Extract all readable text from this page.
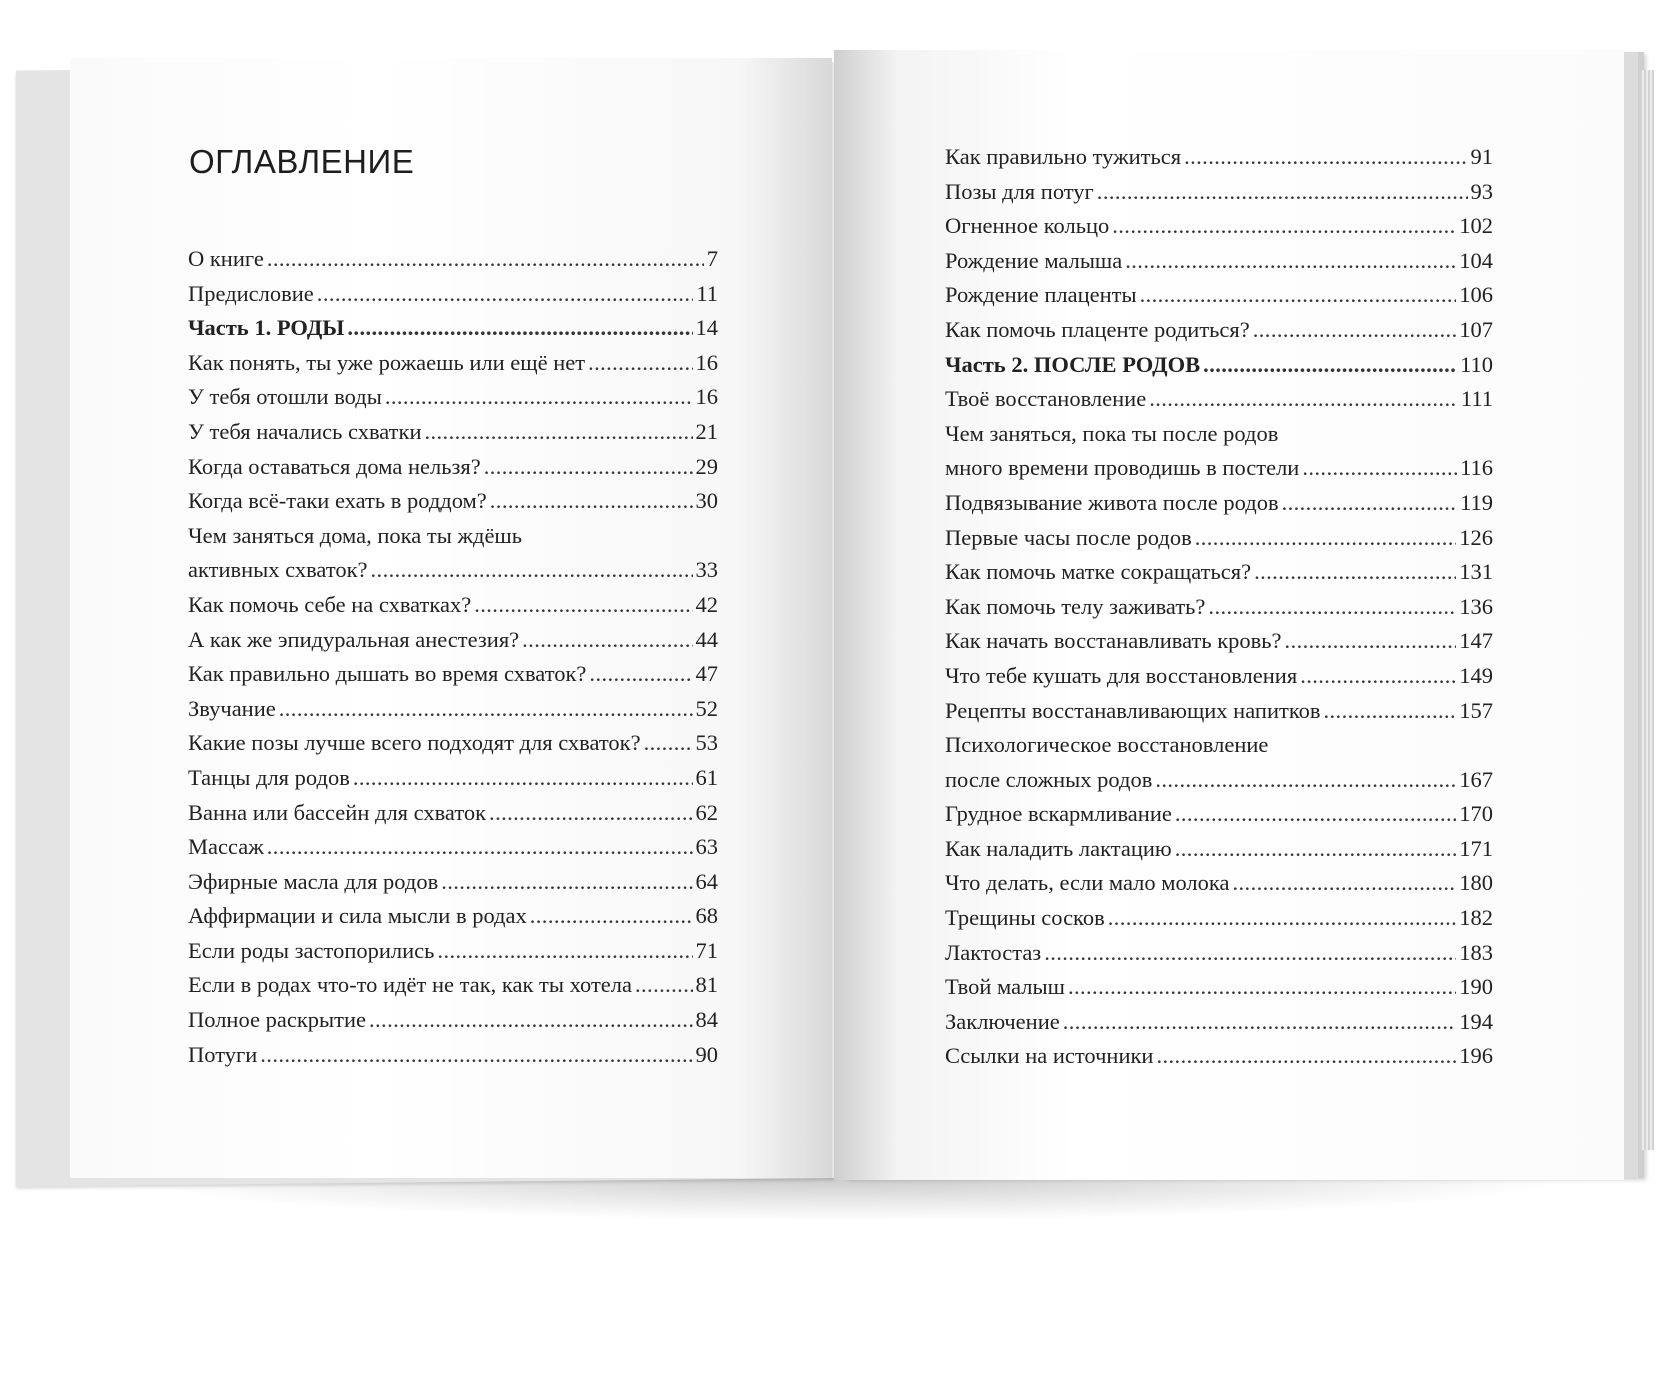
ОГЛАВЛЕНИЕ
О книге .....	7
Предисловие .....	11
Часть 1. РОДЫ .....	14
Как понять, ты уже рожаешь или ещё нет .....	16
У тебя отошли воды .....	16
У тебя начались схватки .....	21
Когда оставаться дома нельзя? .....	29
Когда всё-таки ехать в роддом? .....	30
Чем заняться дома, пока ты ждёшь
активных схваток? .....	33
Как помочь себе на схватках? .....	42
А как же эпидуральная анестезия? .....	44
Как правильно дышать во время схваток? .....	47
Звучание .....	52
Какие позы лучше всего подходят для схваток? ..... 53
Танцы для родов .....	61
Ванна или бассейн для схваток .....	62
Массаж .....	63
Эфирные масла для родов .....	64
Аффирмации и сила мысли в родах .....	68
Если роды застопорились .....	71
Если в родах что-то идёт не так, как ты хотела .....	81
Полное раскрытие .....	84
Потуги .....	90
Как правильно тужиться .....	91
Позы для потуг .....	93
Огненное кольцо .....	102
Рождение малыша .....	104
Рождение плаценты .....	106
Как помочь плаценте родиться? .....	107
Часть 2. ПОСЛЕ РОДОВ .....	110
Твоё восстановление .....	111
Чем заняться, пока ты после родов
много времени проводишь в постели .....	116
Подвязывание живота после родов .....	119
Первые часы после родов .....	126
Как помочь матке сокращаться? .....	131
Как помочь телу заживать? .....	136
Как начать восстанавливать кровь? .....	147
Что тебе кушать для восстановления .....	149
Рецепты восстанавливающих напитков .....	157
Психологическое восстановление
после сложных родов .....	167
Грудное вскармливание .....	170
Как наладить лактацию .....	171
Что делать, если мало молока .....	180
Трещины сосков .....	182
Лактостаз .....	183
Твой малыш .....	190
Заключение .....	194
Ссылки на источники .....	196
